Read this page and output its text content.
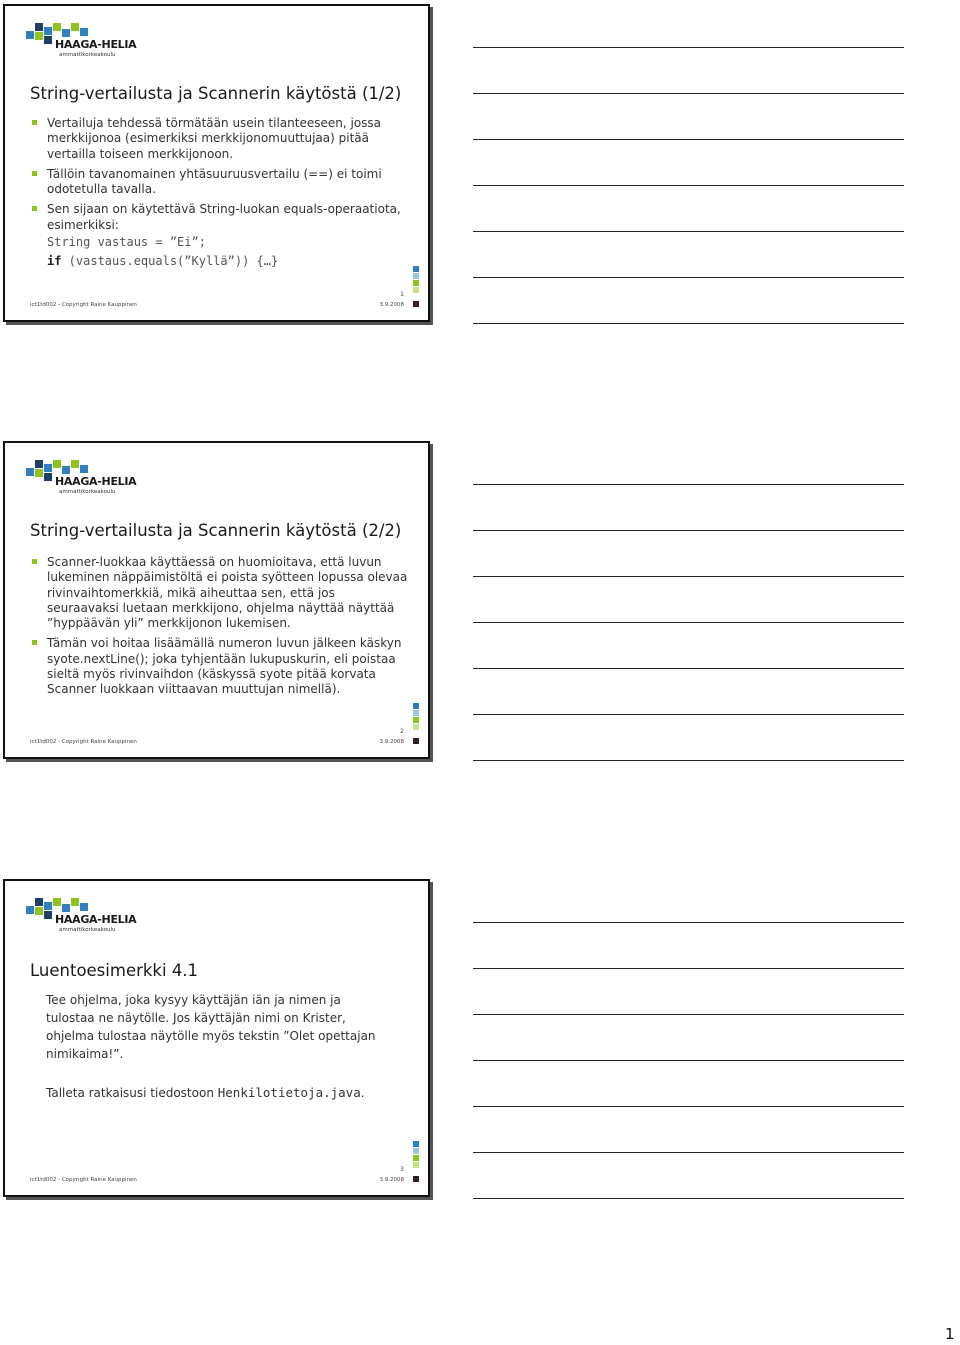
HAAGA-HELIA
ammattikorkeakoulu
String-vertailusta ja Scannerin käytöstä (1/2)
Vertailuja tehdessä törmätään usein tilanteeseen, jossa merkkijonoa (esimerkiksi merkkijonomuuttujaa) pitää vertailla toiseen merkkijonoon.
Tällöin tavanomainen yhtäsuuruusvertailu (==) ei toimi odotetulla tavalla.
Sen sijaan on käytettävä String-luokan equals-operaatiota, esimerkiksi:
String vastaus = ”Ei”;
if (vastaus.equals(”Kyllä”)) {…}
1
ict1td002 - Copyright Raine Kauppinen	3.9.2008
HAAGA-HELIA
ammattikorkeakoulu
String-vertailusta ja Scannerin käytöstä (2/2)
Scanner-luokkaa käyttäessä on huomioitava, että luvun lukeminen näppäimistöltä ei poista syötteen lopussa olevaa rivinvaihtomerkkiä, mikä aiheuttaa sen, että jos seuraavaksi luetaan merkkijono, ohjelma näyttää näyttää ”hyppäävän yli” merkkijonon lukemisen.
Tämän voi hoitaa lisäämällä numeron luvun jälkeen käskyn syote.nextLine(); joka tyhjentään lukupuskurin, eli poistaa sieltä myös rivinvaihdon (käskyssä syote pitää korvata Scanner luokkaan viittaavan muuttujan nimellä).
2
ict1td002 - Copyright Raine Kauppinen	3.9.2008
HAAGA-HELIA
ammattikorkeakoulu
Luentoesimerkki 4.1
Tee ohjelma, joka kysyy käyttäjän iän ja nimen ja tulostaa ne näytölle. Jos käyttäjän nimi on Krister, ohjelma tulostaa näytölle myös tekstin ”Olet opettajan nimikaima!”.
Talleta ratkaisusi tiedostoon Henkilotietoja.java.
3
ict1td002 - Copyright Raine Kauppinen	3.9.2008
1
